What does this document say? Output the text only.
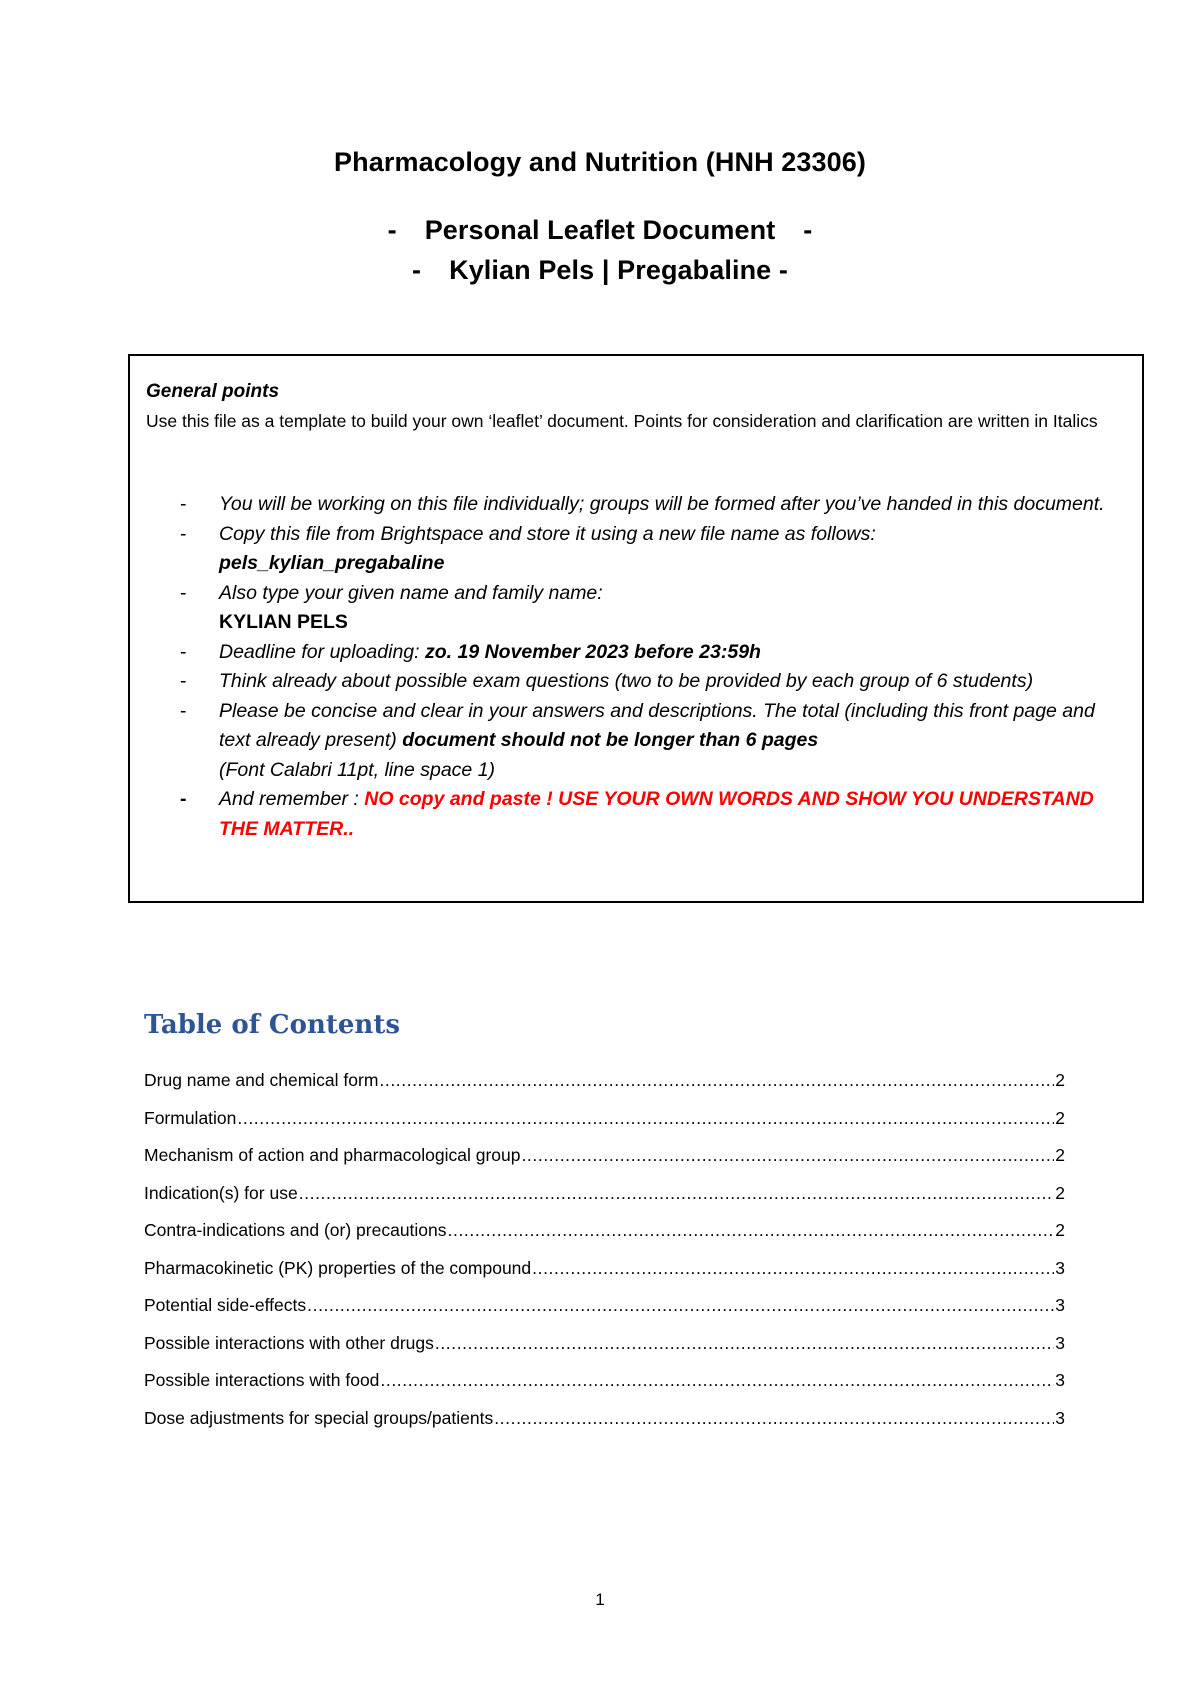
Pharmacology and Nutrition (HNH 23306)
- Personal Leaflet Document -
- Kylian Pels | Pregabaline -
General points
Use this file as a template to build your own ‘leaflet’ document. Points for consideration and clarification are written in Italics
- You will be working on this file individually; groups will be formed after you’ve handed in this document.
- Copy this file from Brightspace and store it using a new file name as follows:
pels_kylian_pregabaline
- Also type your given name and family name:
KYLIAN PELS
- Deadline for uploading: zo. 19 November 2023 before 23:59h
- Think already about possible exam questions (two to be provided by each group of 6 students)
- Please be concise and clear in your answers and descriptions. The total (including this front page and text already present) document should not be longer than 6 pages
(Font Calabri 11pt, line space 1)
- And remember : NO copy and paste ! USE YOUR OWN WORDS AND SHOW YOU UNDERSTAND THE MATTER..
Table of Contents
Drug name and chemical form .....	2
Formulation .....	2
Mechanism of action and pharmacological group .....	2
Indication(s) for use .....	2
Contra-indications and (or) precautions .....	2
Pharmacokinetic (PK) properties of the compound .....	3
Potential side-effects .....	3
Possible interactions with other drugs .....	3
Possible interactions with food .....	3
Dose adjustments for special groups/patients .....	3
1
